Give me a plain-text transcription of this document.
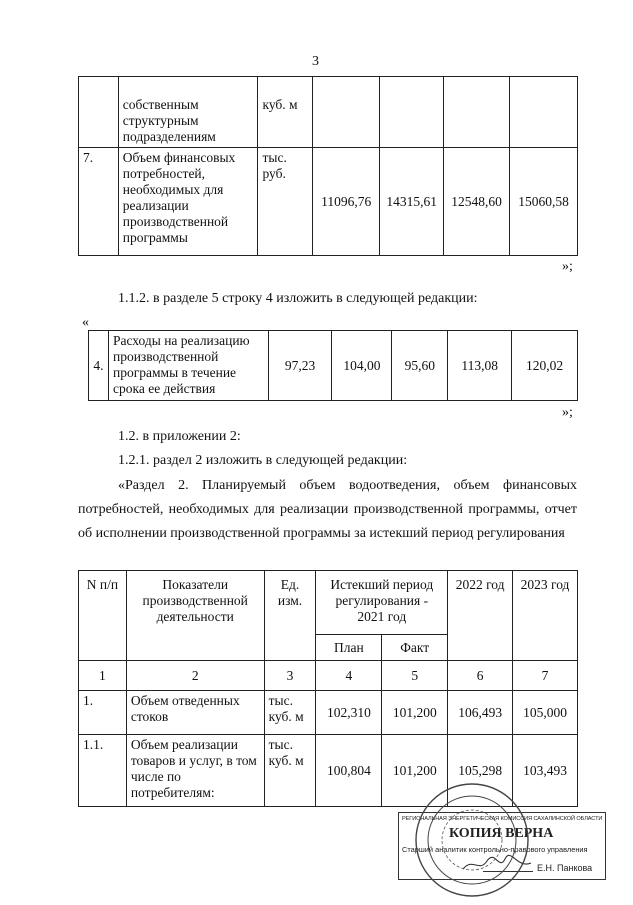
3
	собственным структурным подразделениям	куб. м				
7.	Объем финансовых потребностей, необходимых для реализации производственной программы	тыс. руб.	11096,76	14315,61	12548,60	15060,58
»;
1.1.2. в разделе 5 строку 4 изложить в следующей редакции:
«
4.	Расходы на реализацию производственной программы в течение срока ее действия	97,23	104,00	95,60	113,08	120,02
»;
1.2. в приложении 2:
1.2.1. раздел 2 изложить в следующей редакции:
«Раздел 2. Планируемый объем водоотведения, объем финансовых потребностей, необходимых для реализации производственной программы, отчет об исполнении производственной программы за истекший период регулирования
N п/п	Показатели производственной деятельности	Ед. изм.	Истекший период регулирования - 2021 год		2022 год	2023 год
			План	Факт		
1	2	3	4	5	6	7
1.	Объем отведенных стоков	тыс. куб. м	102,310	101,200	106,493	105,000
1.1.	Объем реализации товаров и услуг, в том числе по потребителям:	тыс. куб. м	100,804	101,200	105,298	103,493
РЕГИОНАЛЬНАЯ ЭНЕРГЕТИЧЕСКАЯ КОМИССИЯ САХАЛИНСКОЙ ОБЛАСТИ
КОПИЯ ВЕРНА
Старший аналитик контрольно-правового управления
Е.Н. Панкова
